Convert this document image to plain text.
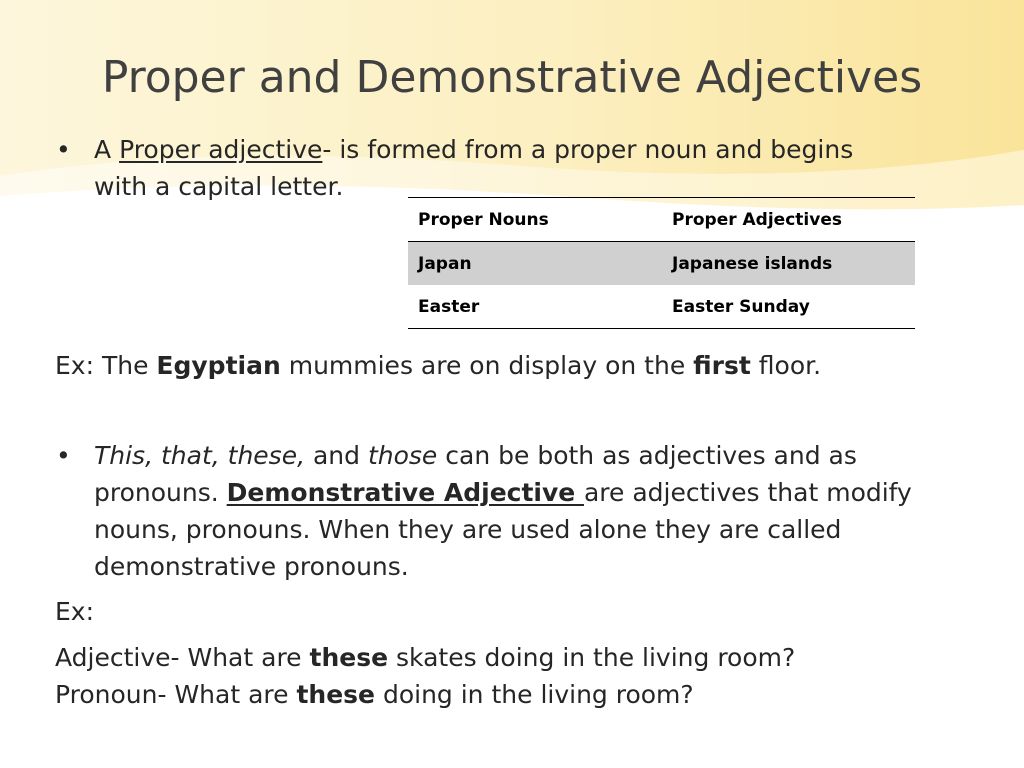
Proper and Demonstrative Adjectives
• A Proper adjective- is formed from a proper noun and begins
with a capital letter.
Proper Nouns	Proper Adjectives
Japan	Japanese islands
Easter	Easter Sunday
Ex: The Egyptian mummies are on display on the first floor.
• This, that, these, and those can be both as adjectives and as
pronouns. Demonstrative Adjective are adjectives that modify
nouns, pronouns. When they are used alone they are called
demonstrative pronouns.
Ex:
Adjective- What are these skates doing in the living room?
Pronoun- What are these doing in the living room?
